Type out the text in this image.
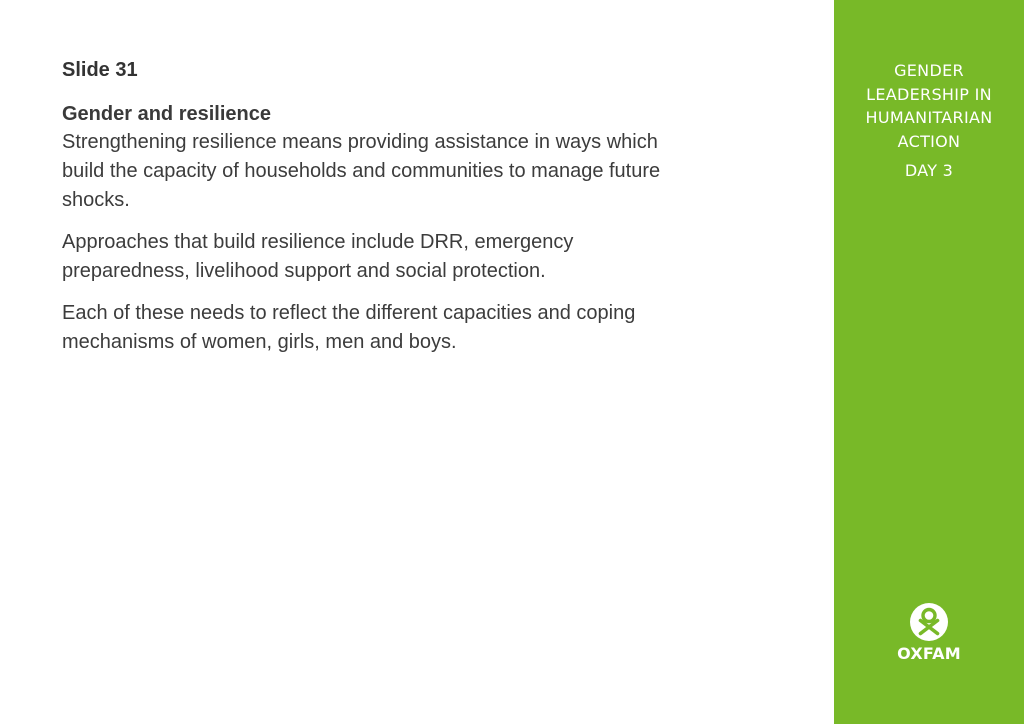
Slide 31
Gender and resilience

Strengthening resilience means providing assistance in ways which build the capacity of households and communities to manage future shocks.

Approaches that build resilience include DRR, emergency preparedness, livelihood support and social protection.

Each of these needs to reflect the different capacities and coping mechanisms of women, girls, men and boys.

GENDER
LEADERSHIP IN
HUMANITARIAN
ACTION
DAY 3
OXFAM
